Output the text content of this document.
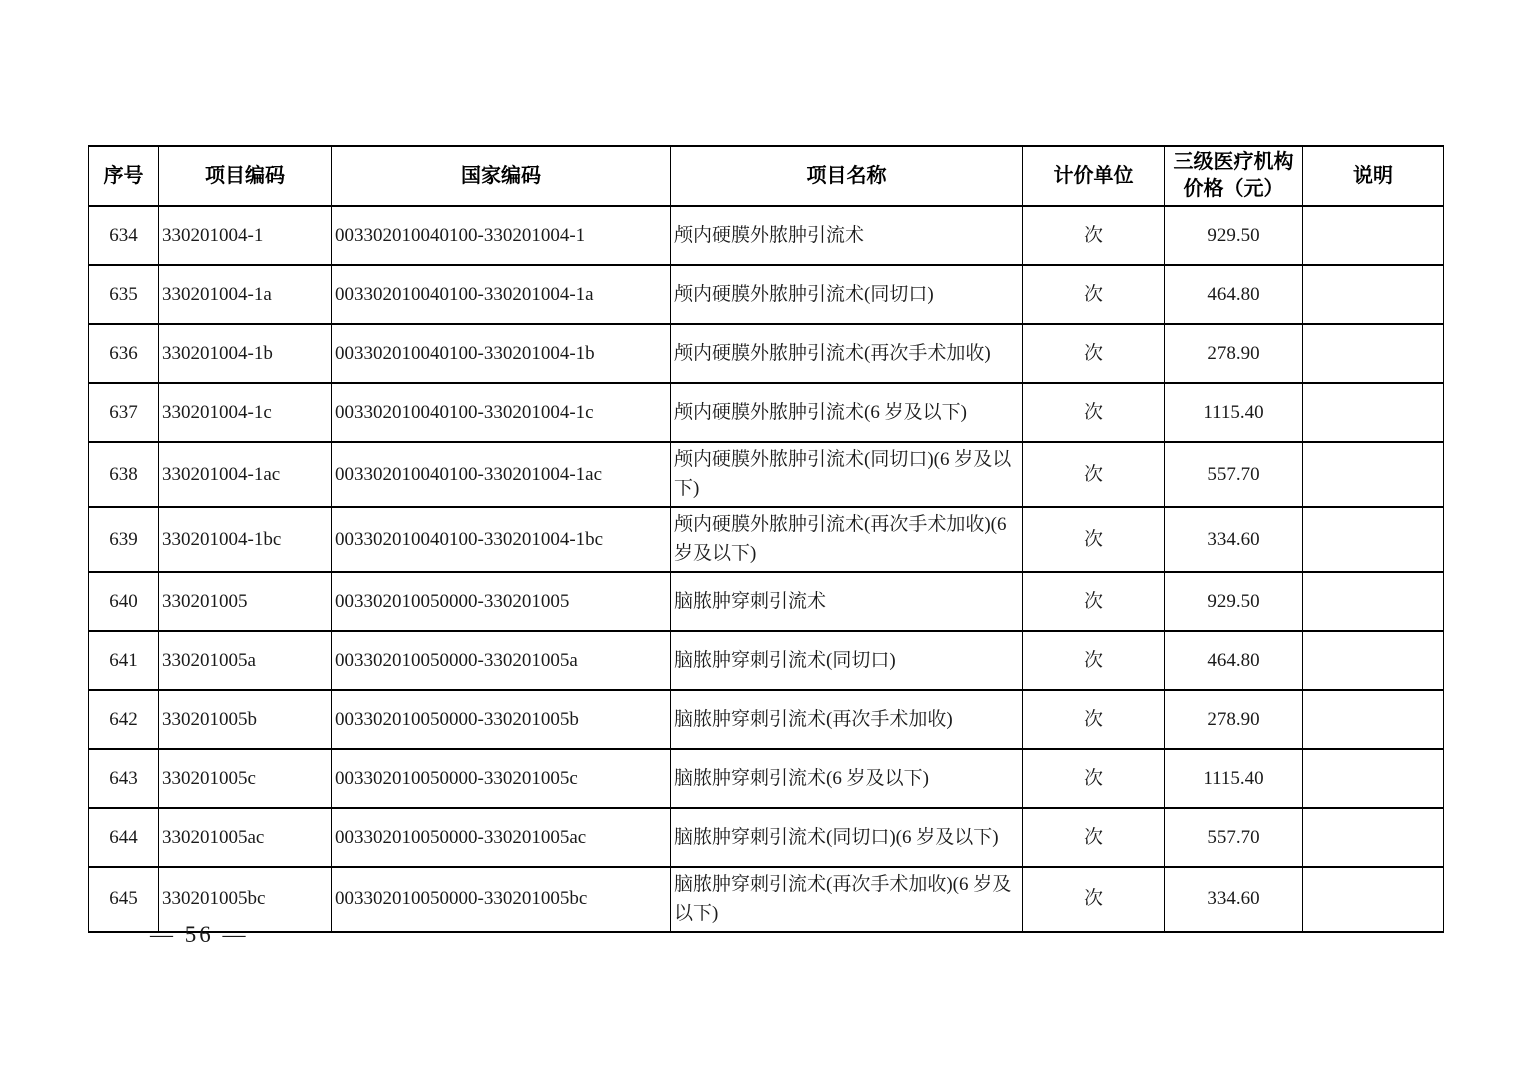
序号	项目编码	国家编码	项目名称	计价单位	三级医疗机构价格（元）	说明
634	330201004-1	003302010040100-330201004-1	颅内硬膜外脓肿引流术	次	929.50	
635	330201004-1a	003302010040100-330201004-1a	颅内硬膜外脓肿引流术(同切口)	次	464.80	
636	330201004-1b	003302010040100-330201004-1b	颅内硬膜外脓肿引流术(再次手术加收)	次	278.90	
637	330201004-1c	003302010040100-330201004-1c	颅内硬膜外脓肿引流术(6 岁及以下)	次	1115.40	
638	330201004-1ac	003302010040100-330201004-1ac	颅内硬膜外脓肿引流术(同切口)(6 岁及以下)	次	557.70	
639	330201004-1bc	003302010040100-330201004-1bc	颅内硬膜外脓肿引流术(再次手术加收)(6 岁及以下)	次	334.60	
640	330201005	003302010050000-330201005	脑脓肿穿刺引流术	次	929.50	
641	330201005a	003302010050000-330201005a	脑脓肿穿刺引流术(同切口)	次	464.80	
642	330201005b	003302010050000-330201005b	脑脓肿穿刺引流术(再次手术加收)	次	278.90	
643	330201005c	003302010050000-330201005c	脑脓肿穿刺引流术(6 岁及以下)	次	1115.40	
644	330201005ac	003302010050000-330201005ac	脑脓肿穿刺引流术(同切口)(6 岁及以下)	次	557.70	
645	330201005bc	003302010050000-330201005bc	脑脓肿穿刺引流术(再次手术加收)(6 岁及以下)	次	334.60	
— 56 —
